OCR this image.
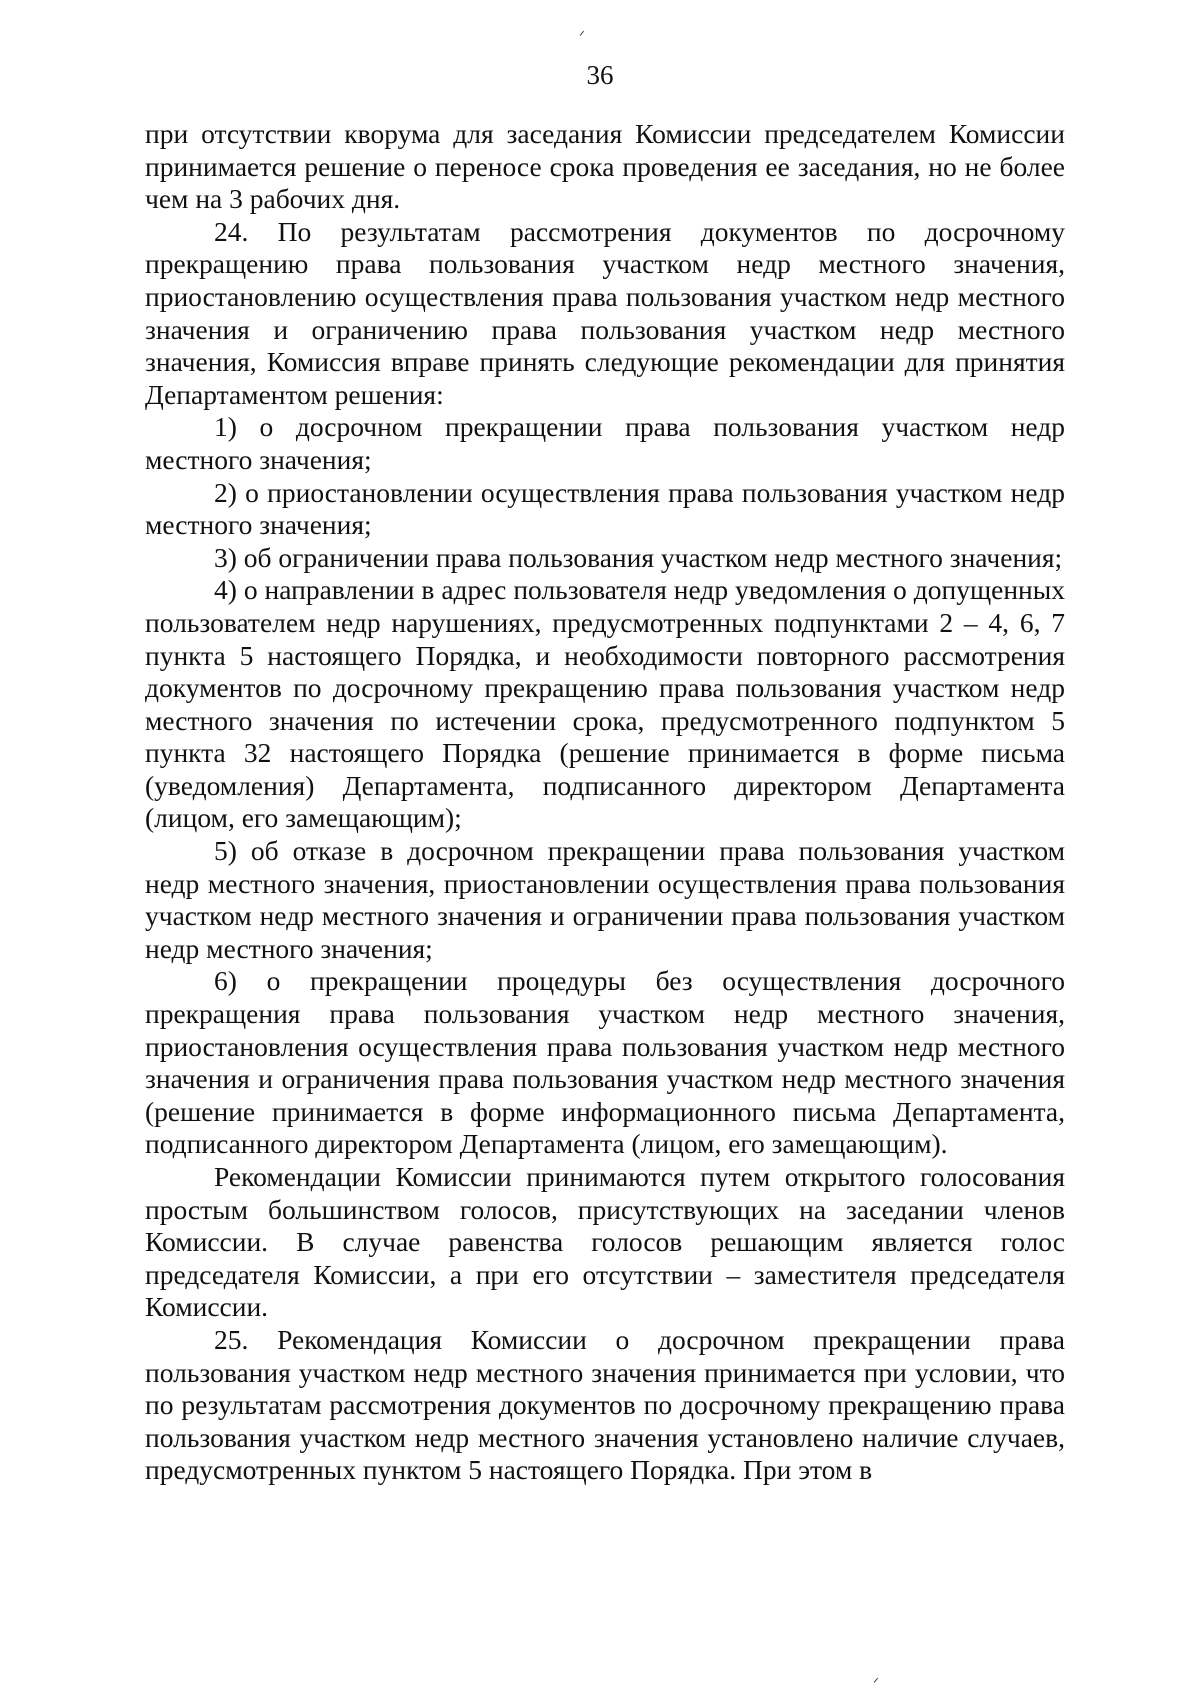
ᐟ
36

при отсутствии кворума для заседания Комиссии председателем Комиссии принимается решение о переносе срока проведения ее заседания, но не более чем на 3 рабочих дня.

24. По результатам рассмотрения документов по досрочному прекращению права пользования участком недр местного значения, приостановлению осуществления права пользования участком недр местного значения и ограничению права пользования участком недр местного значения, Комиссия вправе принять следующие рекомендации для принятия Департаментом решения:

1) о досрочном прекращении права пользования участком недр местного значения;

2) о приостановлении осуществления права пользования участком недр местного значения;

3) об ограничении права пользования участком недр местного значения;

4) о направлении в адрес пользователя недр уведомления о допущенных пользователем недр нарушениях, предусмотренных подпунктами 2 – 4, 6, 7 пункта 5 настоящего Порядка, и необходимости повторного рассмотрения документов по досрочному прекращению права пользования участком недр местного значения по истечении срока, предусмотренного подпунктом 5 пункта 32 настоящего Порядка (решение принимается в форме письма (уведомления) Департамента, подписанного директором Департамента (лицом, его замещающим);

5) об отказе в досрочном прекращении права пользования участком недр местного значения, приостановлении осуществления права пользования участком недр местного значения и ограничении права пользования участком недр местного значения;

6) о прекращении процедуры без осуществления досрочного прекращения права пользования участком недр местного значения, приостановления осуществления права пользования участком недр местного значения и ограничения права пользования участком недр местного значения (решение принимается в форме информационного письма Департамента, подписанного директором Департамента (лицом, его замещающим).

Рекомендации Комиссии принимаются путем открытого голосования простым большинством голосов, присутствующих на заседании членов Комиссии. В случае равенства голосов решающим является голос председателя Комиссии, а при его отсутствии – заместителя председателя Комиссии.

25. Рекомендация Комиссии о досрочном прекращении права пользования участком недр местного значения принимается при условии, что по результатам рассмотрения документов по досрочному прекращению права пользования участком недр местного значения установлено наличие случаев, предусмотренных пунктом 5 настоящего Порядка. При этом в

ᐟ
